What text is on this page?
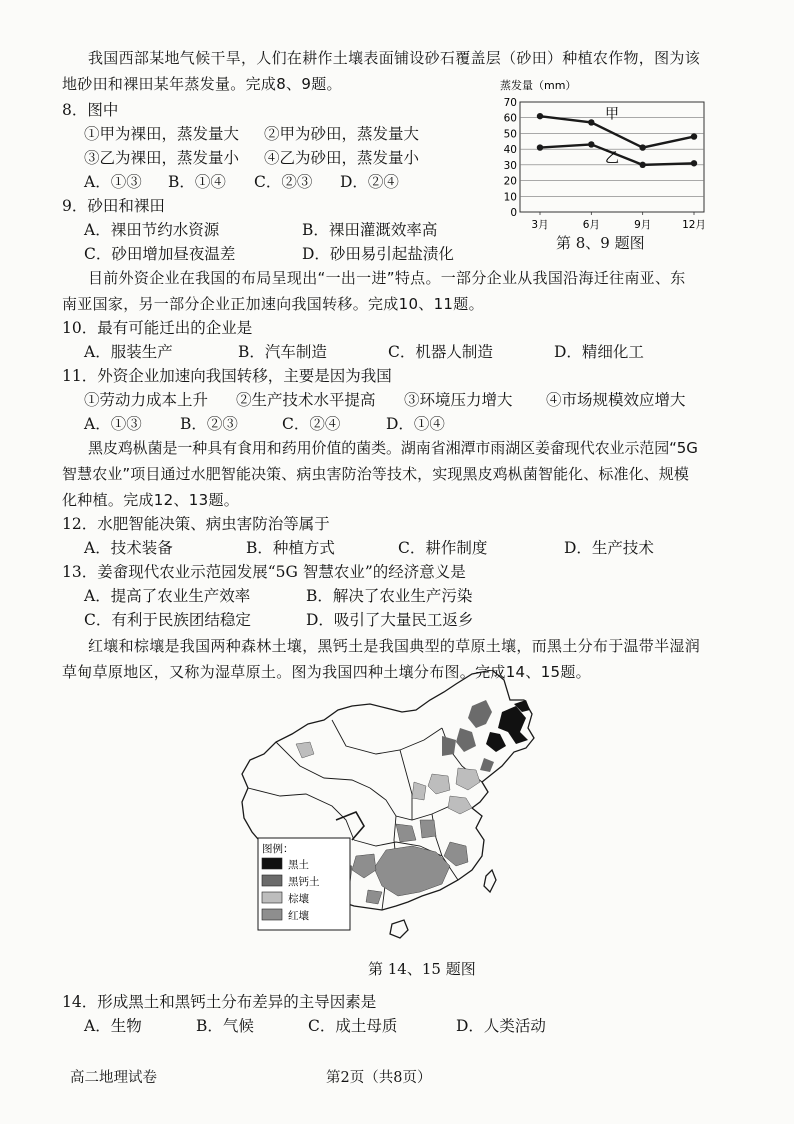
我国西部某地气候干旱，人们在耕作土壤表面铺设砂石覆盖层（砂田）种植农作物，图为该
地砂田和裸田某年蒸发量。完成8、9题。
8．图中
①甲为裸田，蒸发量大 ②甲为砂田，蒸发量大
③乙为裸田，蒸发量小 ④乙为砂田，蒸发量小
A．①③ B．①④ C．②③ D．②④
9．砂田和裸田
A．裸田节约水资源	B．裸田灌溉效率高
C．砂田增加昼夜温差	D．砂田易引起盐渍化
蒸发量（mm）
0
10
20
30
40
50
60
70
3月	6月	9月	12月
甲
乙
第 8、9 题图
目前外资企业在我国的布局呈现出“一出一进”特点。一部分企业从我国沿海迁往南亚、东
南亚国家，另一部分企业正加速向我国转移。完成10、11题。
10．最有可能迁出的企业是
A．服装生产	B．汽车制造	C．机器人制造	D．精细化工
11．外资企业加速向我国转移，主要是因为我国
①劳动力成本上升 ②生产技术水平提高 ③环境压力增大 ④市场规模效应增大
A．①③ B．②③	C．②④	D．①④
黑皮鸡枞菌是一种具有食用和药用价值的菌类。湖南省湘潭市雨湖区姜畲现代农业示范园“5G
智慧农业”项目通过水肥智能决策、病虫害防治等技术，实现黑皮鸡枞菌智能化、标准化、规模
化种植。完成12、13题。
12．水肥智能决策、病虫害防治等属于
A．技术装备	B．种植方式	C．耕作制度	D．生产技术
13．姜畲现代农业示范园发展“5G 智慧农业”的经济意义是
A．提高了农业生产效率	B．解决了农业生产污染
C．有利于民族团结稳定	D．吸引了大量民工返乡
红壤和棕壤是我国两种森林土壤，黑钙土是我国典型的草原土壤，而黑土分布于温带半湿润
草甸草原地区，又称为湿草原土。图为我国四种土壤分布图。完成14、15题。
图例：
黑土
黑钙土
棕壤
红壤
第 14、15 题图
14．形成黑土和黑钙土分布差异的主导因素是
A．生物	B．气候	C．成土母质	D．人类活动
高二地理试卷	第2页（共8页）
